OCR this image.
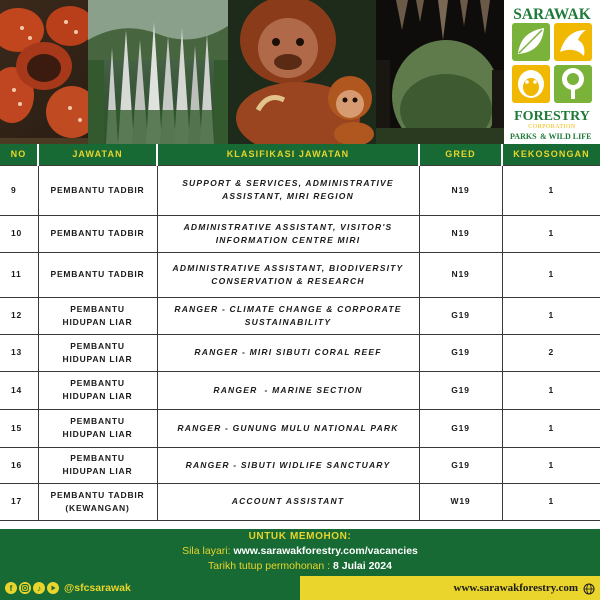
SARAWAK
FORESTRY
CORPORATION
PARKS & WILD LIFE
NO	JAWATAN	KLASIFIKASI JAWATAN	GRED	KEKOSONGAN
9	PEMBANTU TADBIR	SUPPORT & SERVICES, ADMINISTRATIVE
ASSISTANT, MIRI REGION	N19	1
10	PEMBANTU TADBIR	ADMINISTRATIVE ASSISTANT, VISITOR'S
INFORMATION CENTRE MIRI	N19	1
11	PEMBANTU TADBIR	ADMINISTRATIVE ASSISTANT, BIODIVERSITY
CONSERVATION & RESEARCH	N19	1
12	PEMBANTU
HIDUPAN LIAR	RANGER - CLIMATE CHANGE & CORPORATE
SUSTAINABILITY	G19	1
13	PEMBANTU
HIDUPAN LIAR	RANGER - MIRI SIBUTI CORAL REEF	G19	2
14	PEMBANTU
HIDUPAN LIAR	RANGER  - MARINE SECTION	G19	1
15	PEMBANTU
HIDUPAN LIAR	RANGER - GUNUNG MULU NATIONAL PARK	G19	1
16	PEMBANTU
HIDUPAN LIAR	RANGER - SIBUTI WIDLIFE SANCTUARY	G19	1
17	PEMBANTU TADBIR
(KEWANGAN)	ACCOUNT ASSISTANT	W19	1
UNTUK MEMOHON:
Sila layari: www.sarawakforestry.com/vacancies
Tarikh tutup permohonan : 8 Julai 2024
f	♪	@sfcsarawak	www.sarawakforestry.com
